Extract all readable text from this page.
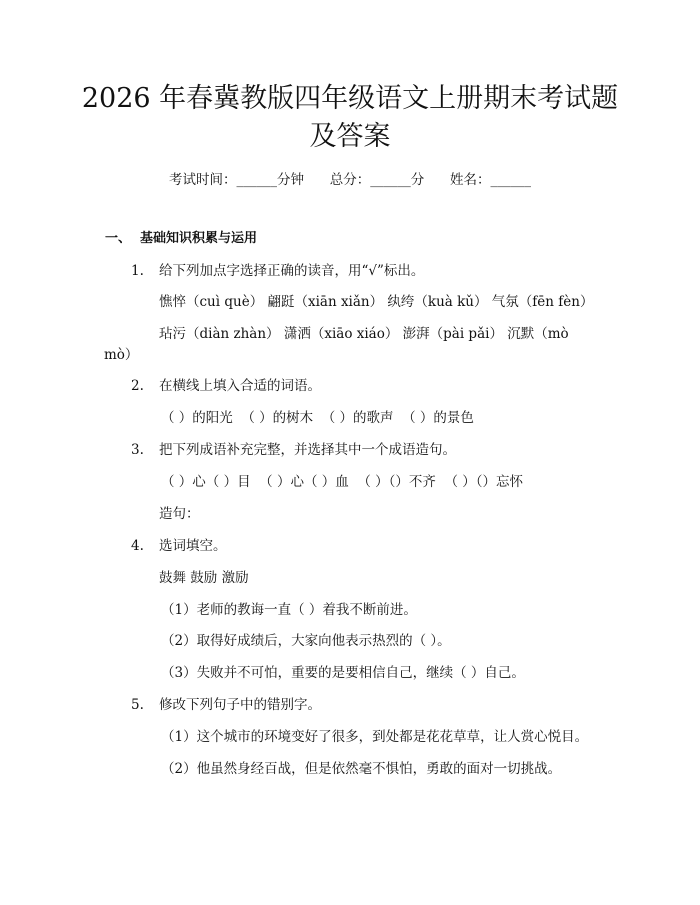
2026 年春冀教版四年级语文上册期末考试题
及答案
考试时间：______分钟      总分：______分      姓名：______
一、  基础知识积累与运用
1. 给下列加点字选择正确的读音，用“√”标出。
憔悴（cuì què） 翩跹（xiān xiǎn） 纨绔（kuà kǔ） 气氛（fēn fèn）
玷污（diàn zhàn） 潇洒（xiāo xiáo） 澎湃（pài pǎi） 沉默（mò
mò）
2. 在横线上填入合适的词语。
（ ）的阳光  （ ）的树木  （ ）的歌声  （ ）的景色
3. 把下列成语补充完整，并选择其中一个成语造句。
（ ）心（ ）目  （ ）心（ ）血  （ ）（）不齐  （ ）（）忘怀
造句：
4. 选词填空。
鼓舞 鼓励 激励
（1）老师的教诲一直（ ）着我不断前进。
（2）取得好成绩后，大家向他表示热烈的（ ）。
（3）失败并不可怕，重要的是要相信自己，继续（ ）自己。
5. 修改下列句子中的错别字。
（1）这个城市的环境变好了很多，到处都是花花草草，让人赏心悦目。
（2）他虽然身经百战，但是依然毫不惧怕，勇敢的面对一切挑战。
